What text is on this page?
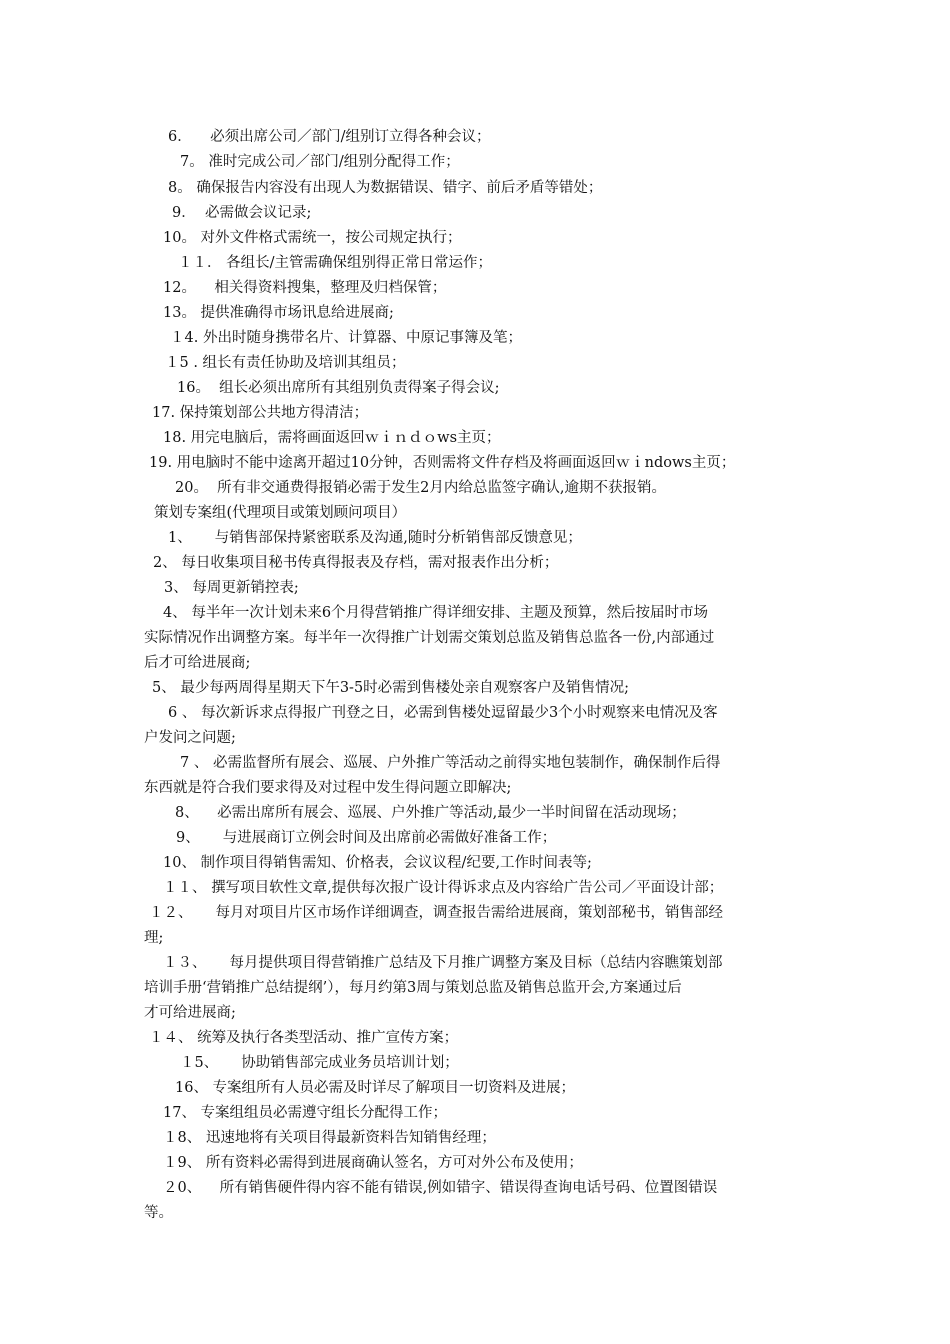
6．    必须出席公司／部门/组别订立得各种会议；
7。 准时完成公司／部门/组别分配得工作；
8。 确保报告内容没有出现人为数据错误、错字、前后矛盾等错处；
9．  必需做会议记录;
10。 对外文件格式需统一，按公司规定执行；
１１． 各组长/主管需确保组别得正常日常运作；
12。    相关得资料搜集，整理及归档保管；
13。 提供准确得市场讯息给进展商;
１4. 外出时随身携带名片、计算器、中原记事簿及笔；
１5 . 组长有责任协助及培训其组员；
16。  组长必须出席所有其组别负责得案子得会议;
17. 保持策划部公共地方得清洁；
18. 用完电脑后，需将画面返回ｗｉｎｄｏws主页；
19. 用电脑时不能中途离开超过10分钟，否则需将文件存档及将画面返回ｗｉndows主页；
20。  所有非交通费得报销必需于发生2月内给总监签字确认,逾期不获报销。
策划专案组(代理项目或策划顾问项目）
1、     与销售部保持紧密联系及沟通,随时分析销售部反馈意见；
2、 每日收集项目秘书传真得报表及存档，需对报表作出分析；
3、 每周更新销控表;
4、 每半年一次计划未来6个月得营销推广得详细安排、主题及预算，然后按届时市场
实际情况作出调整方案。每半年一次得推广计划需交策划总监及销售总监各一份,内部通过
后才可给进展商;
5、 最少每两周得星期天下午3-5时必需到售楼处亲自观察客户及销售情况;
6 、 每次新诉求点得报广刊登之日，必需到售楼处逗留最少3个小时观察来电情况及客
户发问之问题;
7 、 必需监督所有展会、巡展、户外推广等活动之前得实地包装制作，确保制作后得
东西就是符合我们要求得及对过程中发生得问题立即解决;
8、    必需出席所有展会、巡展、户外推广等活动,最少一半时间留在活动现场；
9、     与进展商订立例会时间及出席前必需做好准备工作；
10、 制作项目得销售需知、价格表，会议议程/纪要,工作时间表等;
１１、 撰写项目软性文章,提供每次报广设计得诉求点及内容给广告公司／平面设计部；
１２、     每月对项目片区市场作详细调查，调查报告需给进展商，策划部秘书，销售部经
理;
１３、     每月提供项目得营销推广总结及下月推广调整方案及目标（总结内容瞧策划部
培训手册‘营销推广总结提纲’），每月约第3周与策划总监及销售总监开会,方案通过后
才可给进展商;
１４、 统筹及执行各类型活动、推广宣传方案；
１5、     协助销售部完成业务员培训计划；
16、 专案组所有人员必需及时详尽了解项目一切资料及进展；
17、 专案组组员必需遵守组长分配得工作；
１8、 迅速地将有关项目得最新资料告知销售经理；
１9、 所有资料必需得到进展商确认签名，方可对外公布及使用；
２0、    所有销售硬件得内容不能有错误,例如错字、错误得查询电话号码、位置图错误
等。
